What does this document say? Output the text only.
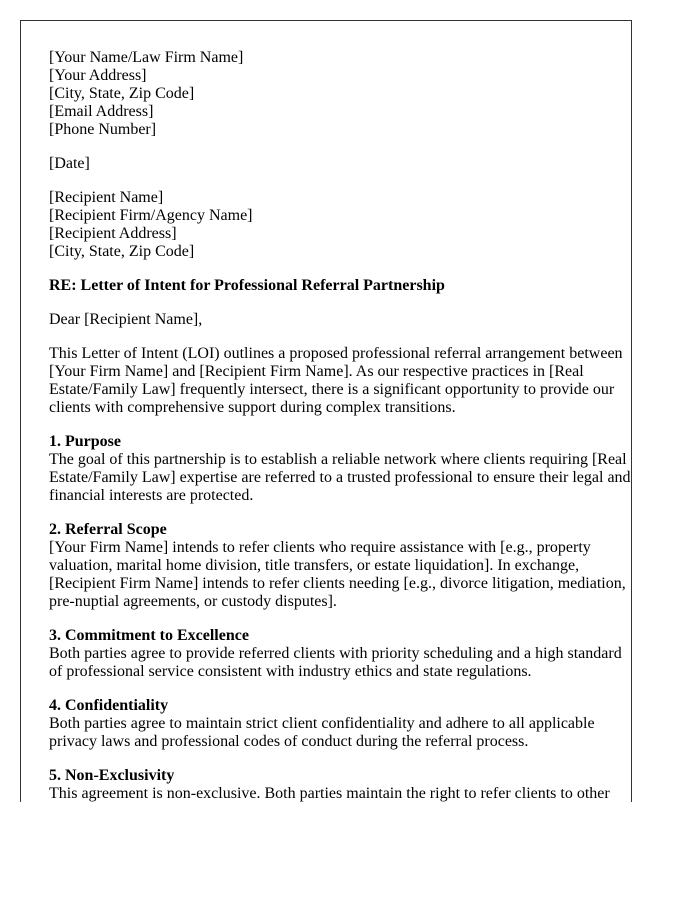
[Your Name/Law Firm Name]
[Your Address]
[City, State, Zip Code]
[Email Address]
[Phone Number]

[Date]

[Recipient Name]
[Recipient Firm/Agency Name]
[Recipient Address]
[City, State, Zip Code]

RE: Letter of Intent for Professional Referral Partnership

Dear [Recipient Name],

This Letter of Intent (LOI) outlines a proposed professional referral arrangement between [Your Firm Name] and [Recipient Firm Name]. As our respective practices in [Real Estate/Family Law] frequently intersect, there is a significant opportunity to provide our clients with comprehensive support during complex transitions.

1. Purpose
The goal of this partnership is to establish a reliable network where clients requiring [Real Estate/Family Law] expertise are referred to a trusted professional to ensure their legal and financial interests are protected.

2. Referral Scope
[Your Firm Name] intends to refer clients who require assistance with [e.g., property valuation, marital home division, title transfers, or estate liquidation]. In exchange, [Recipient Firm Name] intends to refer clients needing [e.g., divorce litigation, mediation, pre-nuptial agreements, or custody disputes].

3. Commitment to Excellence
Both parties agree to provide referred clients with priority scheduling and a high standard of professional service consistent with industry ethics and state regulations.

4. Confidentiality
Both parties agree to maintain strict client confidentiality and adhere to all applicable privacy laws and professional codes of conduct during the referral process.

5. Non-Exclusivity
This agreement is non-exclusive. Both parties maintain the right to refer clients to other
